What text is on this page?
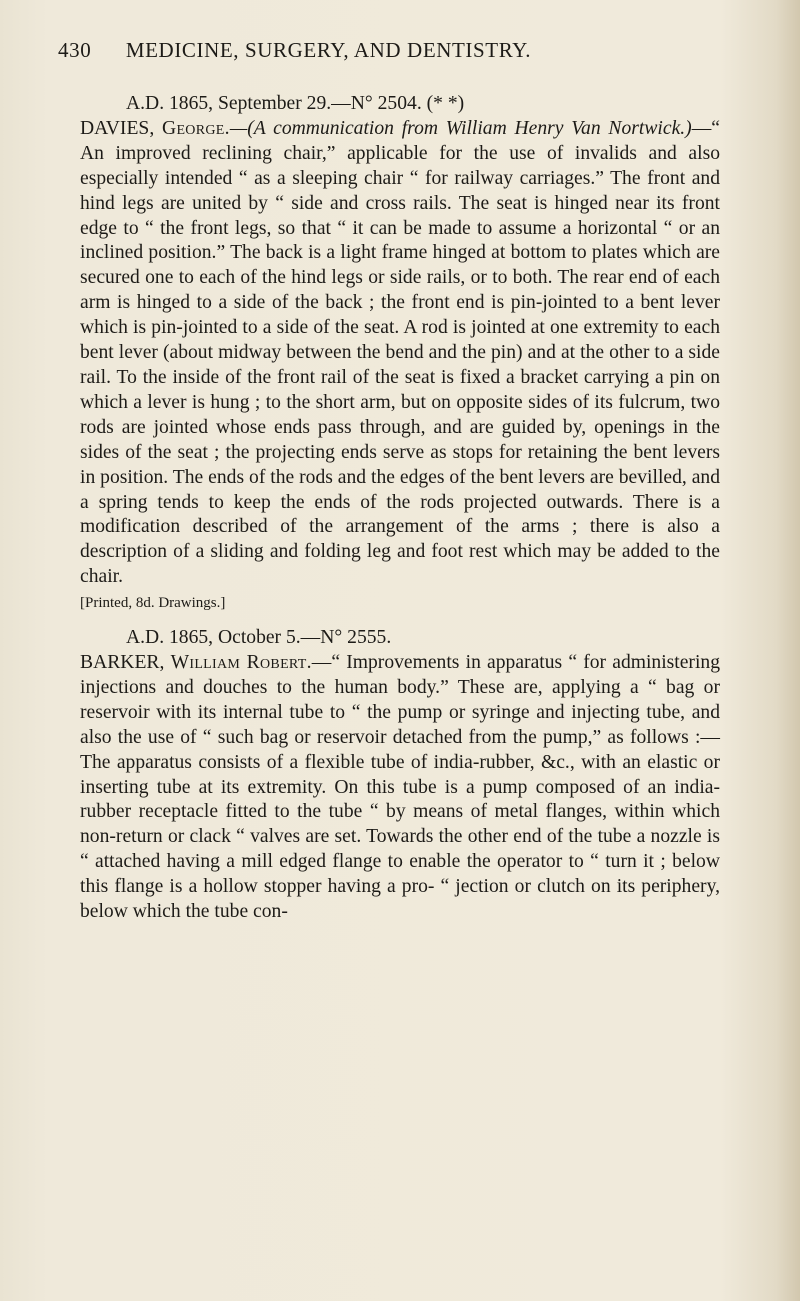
430 MEDICINE, SURGERY, AND DENTISTRY.

A.D. 1865, September 29.—N° 2504. (* *)

DAVIES, George.—(A communication from William Henry Van Nortwick.)—“ An improved reclining chair,” applicable for the use of invalids and also especially intended “ as a sleeping chair “ for railway carriages.” The front and hind legs are united by “ side and cross rails. The seat is hinged near its front edge to “ the front legs, so that “ it can be made to assume a horizontal “ or an inclined position.” The back is a light frame hinged at bottom to plates which are secured one to each of the hind legs or side rails, or to both. The rear end of each arm is hinged to a side of the back ; the front end is pin-jointed to a bent lever which is pin-jointed to a side of the seat. A rod is jointed at one extremity to each bent lever (about midway between the bend and the pin) and at the other to a side rail. To the inside of the front rail of the seat is fixed a bracket carrying a pin on which a lever is hung ; to the short arm, but on opposite sides of its fulcrum, two rods are jointed whose ends pass through, and are guided by, openings in the sides of the seat ; the projecting ends serve as stops for retaining the bent levers in position. The ends of the rods and the edges of the bent levers are bevilled, and a spring tends to keep the ends of the rods projected outwards. There is a modification described of the arrangement of the arms ; there is also a description of a sliding and folding leg and foot rest which may be added to the chair.

[Printed, 8d. Drawings.]

A.D. 1865, October 5.—N° 2555.

BARKER, William Robert.—“ Improvements in apparatus “ for administering injections and douches to the human body.” These are, applying a “ bag or reservoir with its internal tube to “ the pump or syringe and injecting tube, and also the use of “ such bag or reservoir detached from the pump,” as follows :— The apparatus consists of a flexible tube of india-rubber, &c., with an elastic or inserting tube at its extremity. On this tube is a pump composed of an india-rubber receptacle fitted to the tube “ by means of metal flanges, within which non-return or clack “ valves are set. Towards the other end of the tube a nozzle is “ attached having a mill edged flange to enable the operator to “ turn it ; below this flange is a hollow stopper having a pro- “ jection or clutch on its periphery, below which the tube con-
